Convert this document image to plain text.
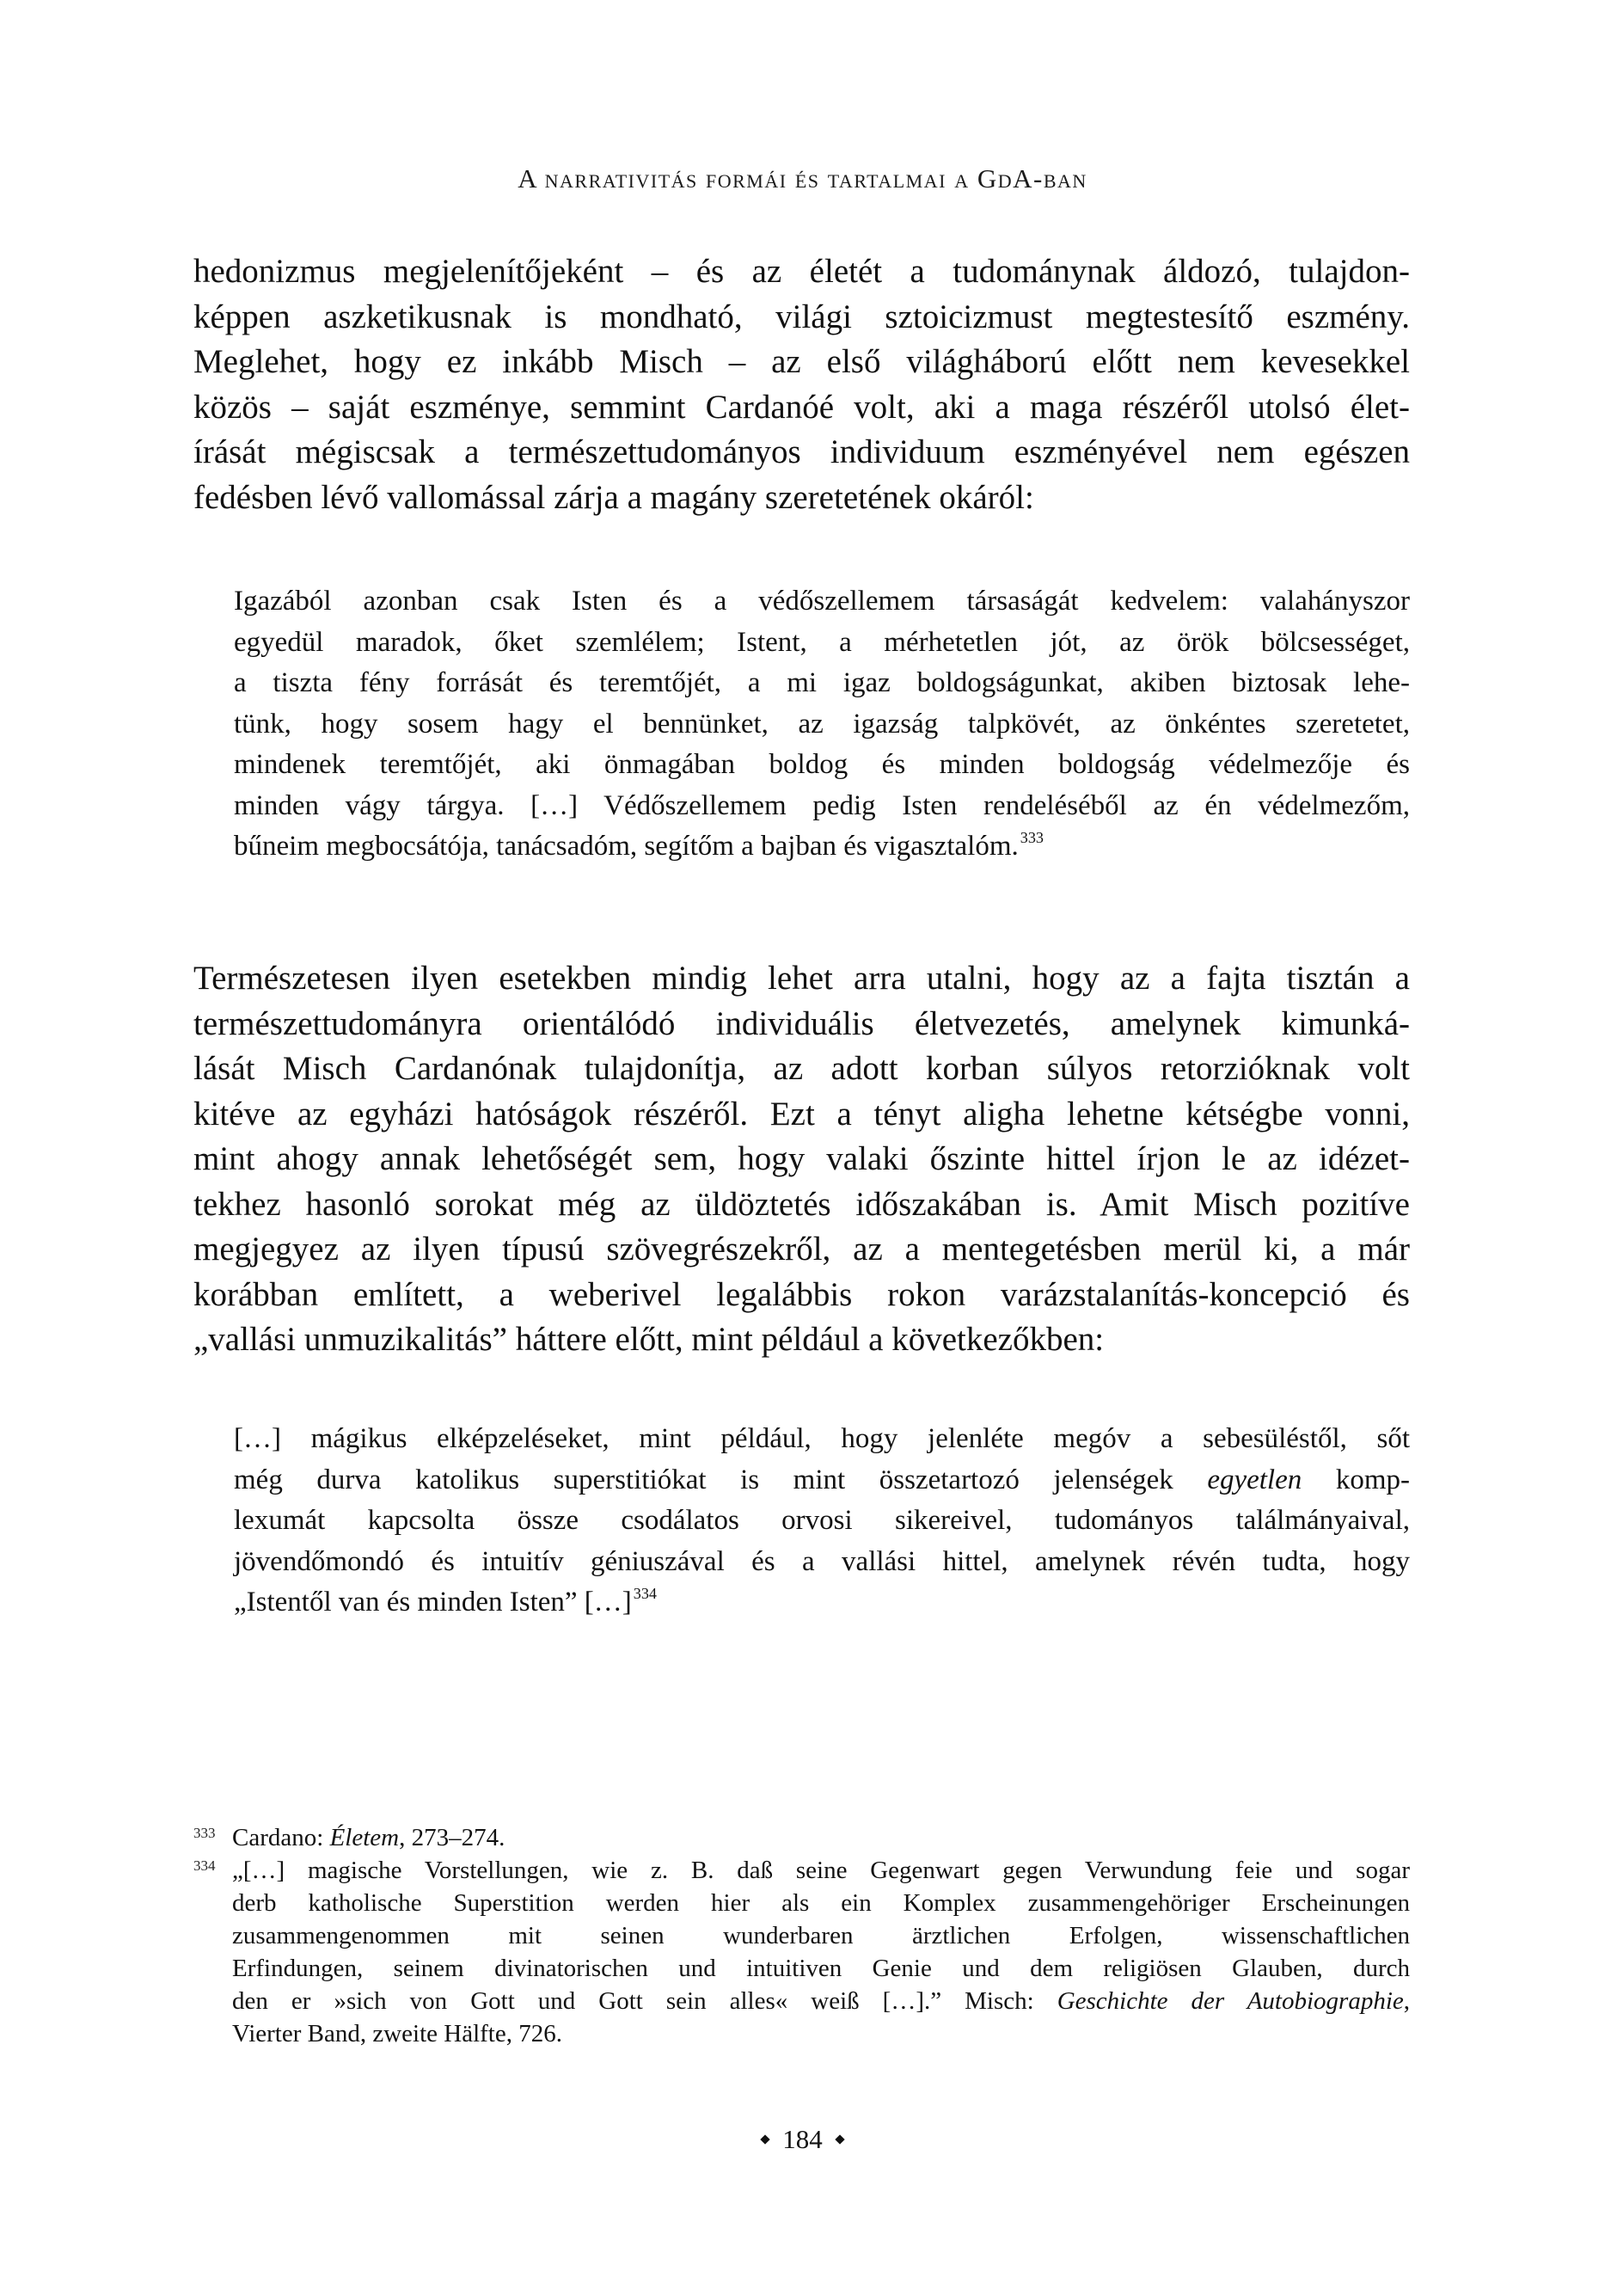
A narrativitás formái és tartalmai a GdA-ban

hedonizmus megjelenítőjeként – és az életét a tudománynak áldozó, tulajdon-
képpen aszketikusnak is mondható, világi sztoicizmust megtestesítő eszmény.
Meglehet, hogy ez inkább Misch – az első világháború előtt nem kevesekkel
közös – saját eszménye, semmint Cardanóé volt, aki a maga részéről utolsó élet-
írását mégiscsak a természettudományos individuum eszményével nem egészen
fedésben lévő vallomással zárja a magány szeretetének okáról:

Igazából azonban csak Isten és a védőszellemem társaságát kedvelem: valahányszor
egyedül maradok, őket szemlélem; Istent, a mérhetetlen jót, az örök bölcsességet,
a tiszta fény forrását és teremtőjét, a mi igaz boldogságunkat, akiben biztosak lehe-
tünk, hogy sosem hagy el bennünket, az igazság talpkövét, az önkéntes szeretetet,
mindenek teremtőjét, aki önmagában boldog és minden boldogság védelmezője és
minden vágy tárgya. […] Védőszellemem pedig Isten rendeléséből az én védelmezőm,
bűneim megbocsátója, tanácsadóm, segítőm a bajban és vigasztalóm. $^{333}$

Természetesen ilyen esetekben mindig lehet arra utalni, hogy az a fajta tisztán a
természettudományra orientálódó individuális életvezetés, amelynek kimunká-
lását Misch Cardanónak tulajdonítja, az adott korban súlyos retorzióknak volt
kitéve az egyházi hatóságok részéről. Ezt a tényt aligha lehetne kétségbe vonni,
mint ahogy annak lehetőségét sem, hogy valaki őszinte hittel írjon le az idézet-
tekhez hasonló sorokat még az üldöztetés időszakában is. Amit Misch pozitíve
megjegyez az ilyen típusú szövegrészekről, az a mentegetésben merül ki, a már
korábban említett, a weberivel legalábbis rokon varázstalanítás-koncepció és
„vallási unmuzikalitás” háttere előtt, mint például a következőkben:

[…] mágikus elképzeléseket, mint például, hogy jelenléte megóv a sebesüléstől, sőt
még durva katolikus superstitiókat is mint összetartozó jelenségek egyetlen komp-
lexumát kapcsolta össze csodálatos orvosi sikereivel, tudományos találmányaival,
jövendőmondó és intuitív géniuszával és a vallási hittel, amelynek révén tudta, hogy
„Istentől van és minden Isten” […] $^{334}$

333 Cardano: Életem, 273–274.
334 „[…] magische Vorstellungen, wie z. B. daß seine Gegenwart gegen Verwundung feie und sogar
derb katholische Superstition werden hier als ein Komplex zusammengehöriger Erscheinungen
zusammengenommen mit seinen wunderbaren ärztlichen Erfolgen, wissenschaftlichen
Erfindungen, seinem divinatorischen und intuitiven Genie und dem religiösen Glauben, durch
den er »sich von Gott und Gott sein alles« weiß […].” Misch: Geschichte der Autobiographie,
Vierter Band, zweite Hälfte, 726.
184
